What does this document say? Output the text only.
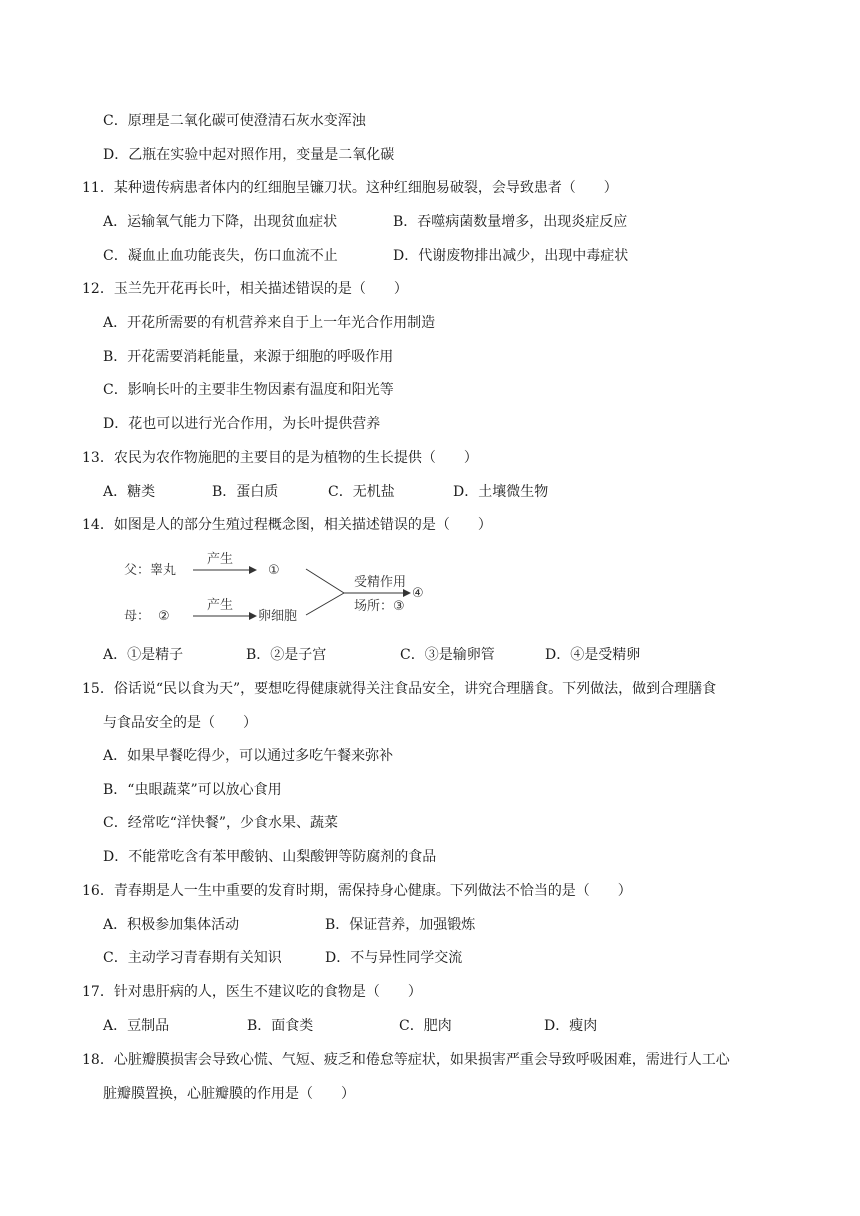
C．原理是二氧化碳可使澄清石灰水变浑浊
D．乙瓶在实验中起对照作用，变量是二氧化碳
11．某种遗传病患者体内的红细胞呈镰刀状。这种红细胞易破裂，会导致患者（　　）
A．运输氧气能力下降，出现贫血症状	B．吞噬病菌数量增多，出现炎症反应
C．凝血止血功能丧失，伤口血流不止	D．代谢废物排出减少，出现中毒症状
12．玉兰先开花再长叶，相关描述错误的是（　　）
A．开花所需要的有机营养来自于上一年光合作用制造
B．开花需要消耗能量，来源于细胞的呼吸作用
C．影响长叶的主要非生物因素有温度和阳光等
D．花也可以进行光合作用，为长叶提供营养
13．农民为农作物施肥的主要目的是为植物的生长提供（　　）
A．糖类	B．蛋白质	C．无机盐	D．土壤微生物
14．如图是人的部分生殖过程概念图，相关描述错误的是（　　）
父：睾丸
产生
①
母： ②
产生
卵细胞
受精作用
场所：③
④
A．①是精子	B．②是子宫	C．③是输卵管	D．④是受精卵
15．俗话说“民以食为天”，要想吃得健康就得关注食品安全，讲究合理膳食。下列做法，做到合理膳食
与食品安全的是（　　）
A．如果早餐吃得少，可以通过多吃午餐来弥补
B．“虫眼蔬菜”可以放心食用
C．经常吃“洋快餐”，少食水果、蔬菜
D．不能常吃含有苯甲酸钠、山梨酸钾等防腐剂的食品
16．青春期是人一生中重要的发育时期，需保持身心健康。下列做法不恰当的是（　　）
A．积极参加集体活动	B．保证营养，加强锻炼
C．主动学习青春期有关知识	D．不与异性同学交流
17．针对患肝病的人，医生不建议吃的食物是（　　）
A．豆制品	B．面食类	C．肥肉	D．瘦肉
18．心脏瓣膜损害会导致心慌、气短、疲乏和倦怠等症状，如果损害严重会导致呼吸困难，需进行人工心
脏瓣膜置换，心脏瓣膜的作用是（　　）
